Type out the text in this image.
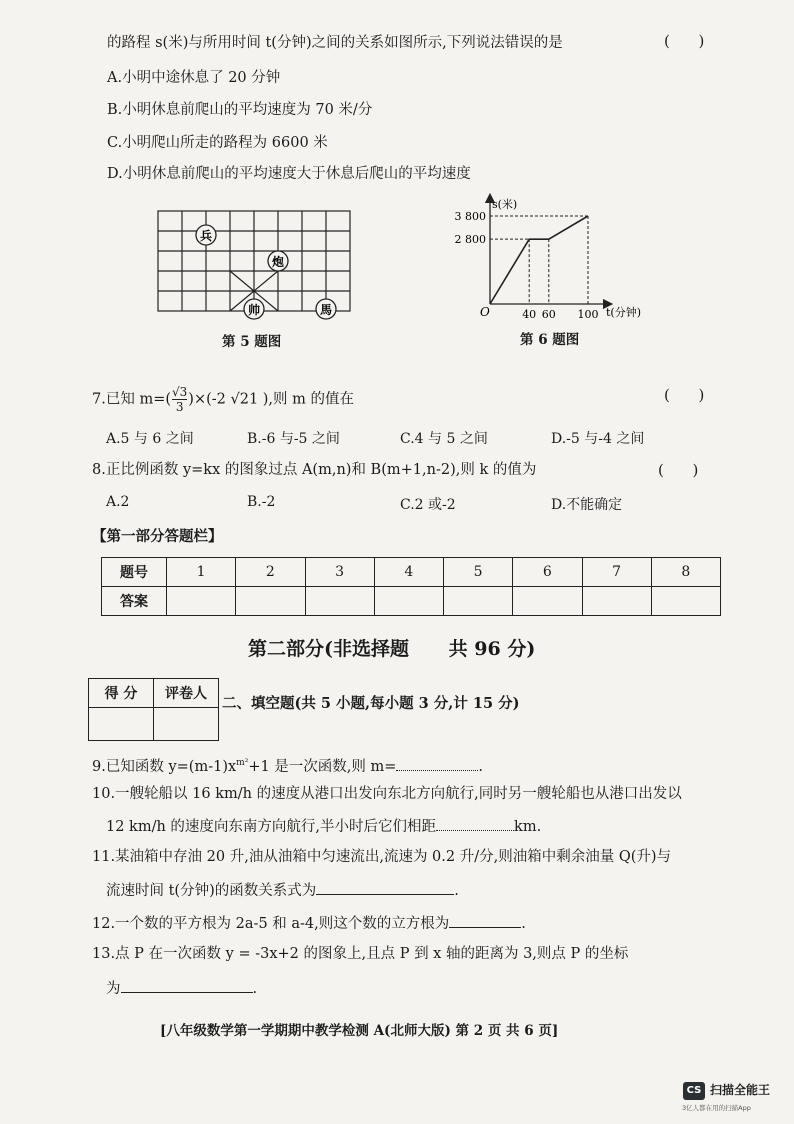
的路程 s(米)与所用时间 t(分钟)之间的关系如图所示,下列说法错误的是	(      )
A.小明中途休息了 20 分钟
B.小明休息前爬山的平均速度为 70 米/分
C.小明爬山所走的路程为 6600 米
D.小明休息前爬山的平均速度大于休息后爬山的平均速度
兵
炮
帅	馬
第 5 题图
s(米)
t(分钟)
O
3 800
2 800
40 60 100
第 6 题图
7.已知 $m=( \frac{√3}{3} )\times(-2$ √21 ),则 m 的值在	(      )
A.5 与 6 之间	B.-6 与-5 之间	C.4 与 5 之间	D.-5 与-4 之间
8.正比例函数 y=kx 的图象过点 A(m,n)和 B(m+1,n-2),则 k 的值为	(      )
A.2	B.-2	C.2 或-2	D.不能确定
【第一部分答题栏】
题号	1	2	3	4	5	6	7	8
答案								
第二部分(非选择题      共 96 分)
得 分	评卷人

二、填空题(共 5 小题,每小题 3 分,计 15 分)
9.已知函数 $y=(m-1)x^{m^2}+1$ 是一次函数,则 m=	.
10.一艘轮船以 16 km/h 的速度从港口出发向东北方向航行,同时另一艘轮船也从港口出发以
12 km/h 的速度向东南方向航行,半小时后它们相距	km.
11.某油箱中存油 20 升,油从油箱中匀速流出,流速为 0.2 升/分,则油箱中剩余油量 Q(升)与
流速时间 t(分钟)的函数关系式为	.
12.一个数的平方根为 2a-5 和 a-4,则这个数的立方根为	.
13.点 P 在一次函数 y = -3x+2 的图象上,且点 P 到 x 轴的距离为 3,则点 P 的坐标
为	.
[八年级数学第一学期期中教学检测 A(北师大版) 第 2 页 共 6 页]
CS 扫描全能王
3亿人都在用的扫描App
